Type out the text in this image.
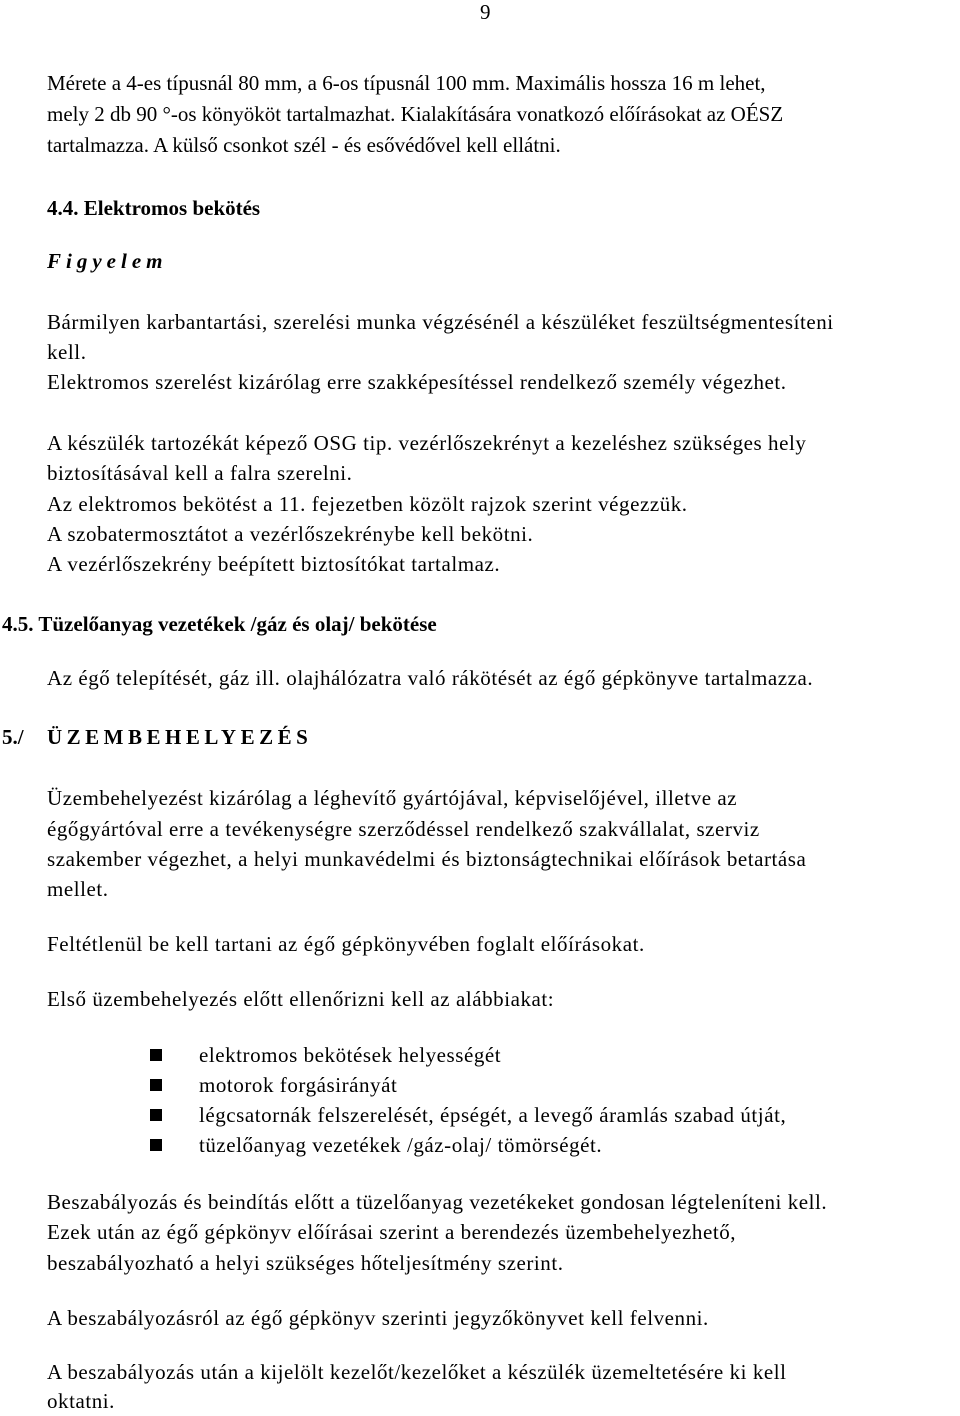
9
Mérete a 4-es típusnál 80 mm, a 6-os típusnál 100 mm. Maximális hossza 16 m lehet,
mely 2 db 90 °-os könyököt tartalmazhat. Kialakítására vonatkozó előírásokat az OÉSZ
tartalmazza. A külső csonkot szél - és esővédővel kell ellátni.
4.4. Elektromos bekötés
Figyelem
Bármilyen karbantartási, szerelési munka végzésénél a készüléket feszültségmentesíteni
kell.
Elektromos szerelést kizárólag erre szakképesítéssel rendelkező személy végezhet.
A készülék tartozékát képező OSG tip. vezérlőszekrényt a kezeléshez szükséges hely
biztosításával kell a falra szerelni.
Az elektromos bekötést a 11. fejezetben közölt rajzok szerint végezzük.
A szobatermosztátot a vezérlőszekrénybe kell bekötni.
A vezérlőszekrény beépített biztosítókat tartalmaz.
4.5. Tüzelőanyag vezetékek /gáz és olaj/ bekötése
Az égő telepítését, gáz ill. olajhálózatra való rákötését az égő gépkönyve tartalmazza.
5./ ÜZEMBEHELYEZÉS
Üzembehelyezést kizárólag a léghevítő gyártójával, képviselőjével, illetve az
égőgyártóval erre a tevékenységre szerződéssel rendelkező szakvállalat, szerviz
szakember végezhet, a helyi munkavédelmi és biztonságtechnikai előírások betartása
mellet.
Feltétlenül be kell tartani az égő gépkönyvében foglalt előírásokat.
Első üzembehelyezés előtt ellenőrizni kell az alábbiakat:
elektromos bekötések helyességét
motorok forgásirányát
légcsatornák felszerelését, épségét, a levegő áramlás szabad útját,
tüzelőanyag vezetékek /gáz-olaj/ tömörségét.
Beszabályozás és beindítás előtt a tüzelőanyag vezetékeket gondosan légteleníteni kell.
Ezek után az égő gépkönyv előírásai szerint a berendezés üzembehelyezhető,
beszabályozható a helyi szükséges hőteljesítmény szerint.
A beszabályozásról az égő gépkönyv szerinti jegyzőkönyvet kell felvenni.
A beszabályozás után a kijelölt kezelőt/kezelőket a készülék üzemeltetésére ki kell
oktatni.
